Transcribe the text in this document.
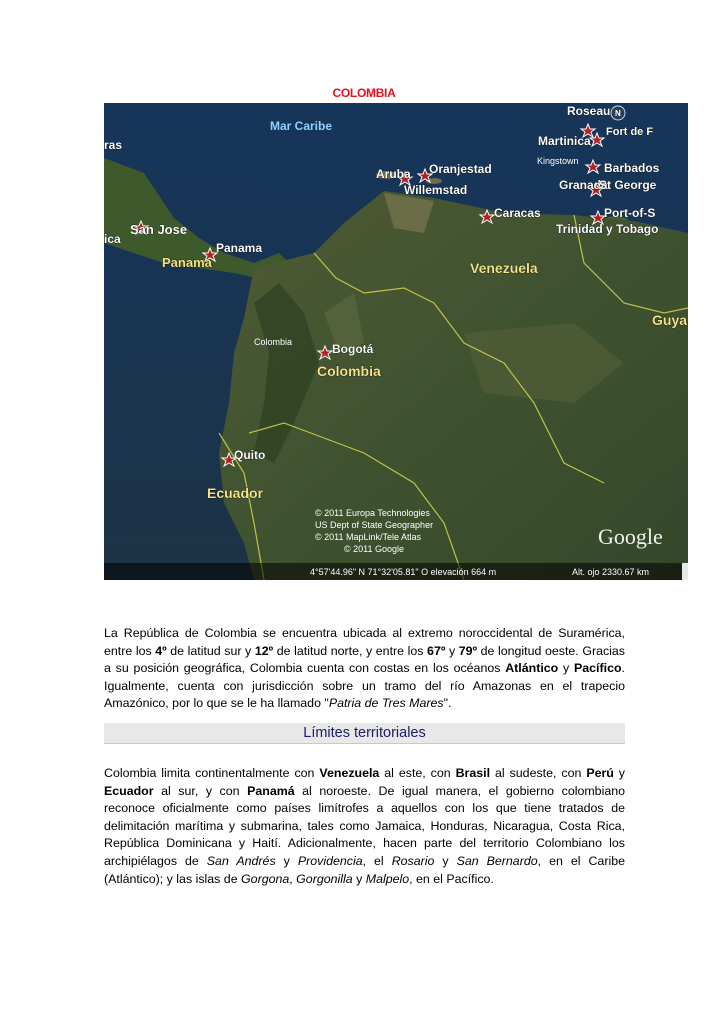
COLOMBIA
Mar Caribe
Roseau
Martinica
Fort de F
Kingstown Barbados
Aruba Oranjestad
Willemstad	Granada
St George
Caracas	Port-of-S
Trinidad y Tobago
ras
San Jose
ica
Panama
Panama	Venezuela
Guya
Colombia	Bogotá
Colombia
Quito
Ecuador
© 2011 Europa Technologies
US Dept of State Geographer
© 2011 MapLink/Tele Atlas
© 2011 Google	Google
N
4°57'44.96" N 71°32'05.81" O elevación 664 m	Alt. ojo 2330.67 km

La República de Colombia se encuentra ubicada al extremo noroccidental de Suramérica, entre los 4º de latitud sur y 12º de latitud norte, y entre los 67º y 79º de longitud oeste. Gracias a su posición geográfica, Colombia cuenta con costas en los océanos Atlántico y Pacífico. Igualmente, cuenta con jurisdicción sobre un tramo del río Amazonas en el trapecio Amazónico, por lo que se le ha llamado "Patria de Tres Mares".

Límites territoriales

Colombia limita continentalmente con Venezuela al este, con Brasil al sudeste, con Perú y Ecuador al sur, y con Panamá al noroeste. De igual manera, el gobierno colombiano reconoce oficialmente como países limítrofes a aquellos con los que tiene tratados de delimitación marítima y submarina, tales como Jamaica, Honduras, Nicaragua, Costa Rica, República Dominicana y Haití. Adicionalmente, hacen parte del territorio Colombiano los archipiélagos de San Andrés y Providencia, el Rosario y San Bernardo, en el Caribe (Atlántico); y las islas de Gorgona, Gorgonilla y Malpelo, en el Pacífico.
